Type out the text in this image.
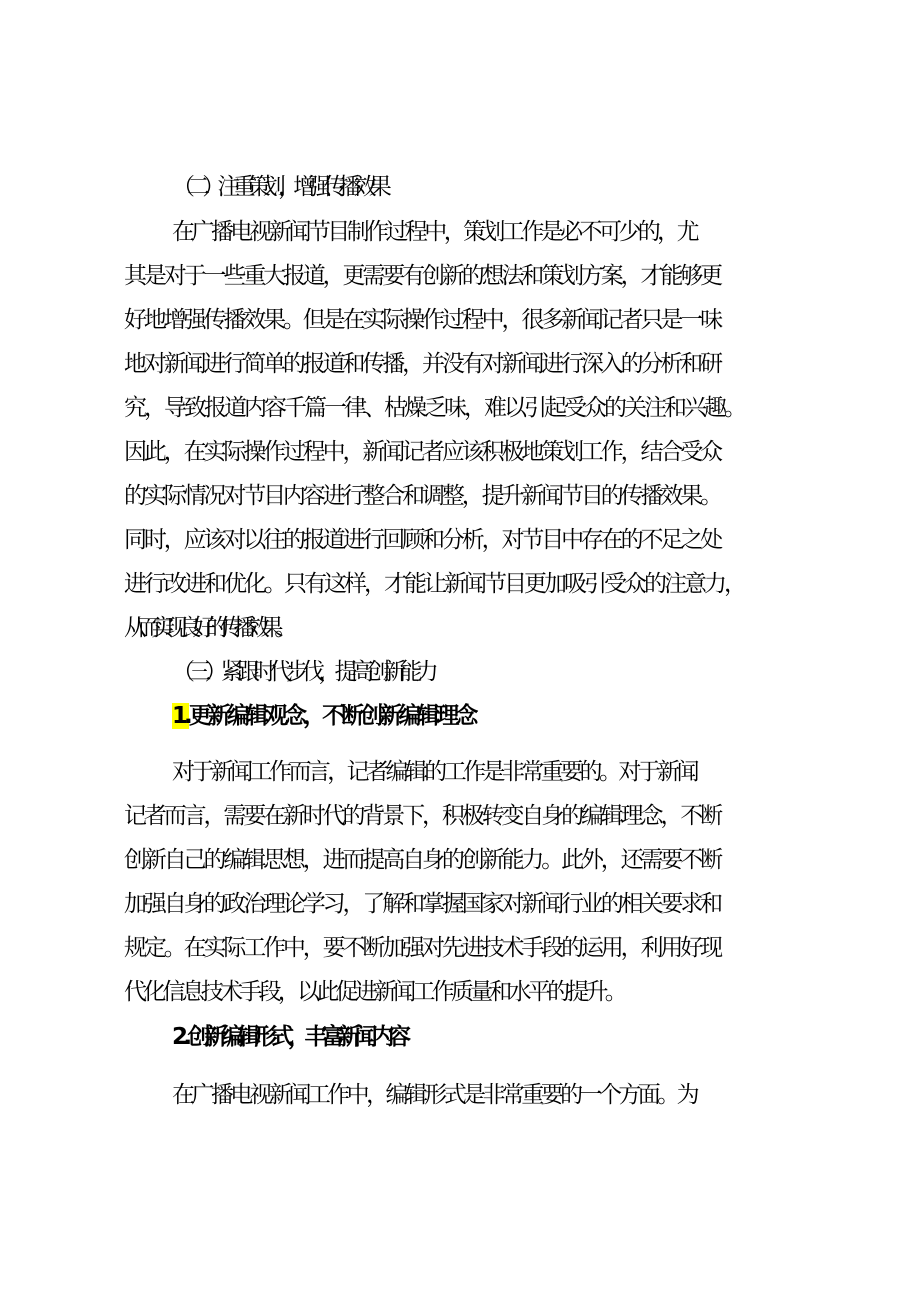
（二）注重策划，增强传播效果
在广播电视新闻节目制作过程中，策划工作是必不可少的，尤
其是对于一些重大报道，更需要有创新的想法和策划方案，才能够更
好地增强传播效果。但是在实际操作过程中，很多新闻记者只是一味
地对新闻进行简单的报道和传播，并没有对新闻进行深入的分析和研
究，导致报道内容千篇一律、枯燥乏味，难以引起受众的关注和兴趣。
因此，在实际操作过程中，新闻记者应该积极地策划工作，结合受众
的实际情况对节目内容进行整合和调整，提升新闻节目的传播效果。
同时，应该对以往的报道进行回顾和分析，对节目中存在的不足之处
进行改进和优化。只有这样，才能让新闻节目更加吸引受众的注意力，
从而实现良好的传播效果。
（三）紧跟时代步伐，提高创新能力
1.更新编辑观念，不断创新编辑理念
对于新闻工作而言，记者编辑的工作是非常重要的。对于新闻
记者而言，需要在新时代的背景下，积极转变自身的编辑理念，不断
创新自己的编辑思想，进而提高自身的创新能力。此外，还需要不断
加强自身的政治理论学习，了解和掌握国家对新闻行业的相关要求和
规定。在实际工作中，要不断加强对先进技术手段的运用，利用好现
代化信息技术手段，以此促进新闻工作质量和水平的提升。
2 . 创新编辑形式，丰富新闻内容
在广播电视新闻工作中，编辑形式是非常重要的一个方面。为
